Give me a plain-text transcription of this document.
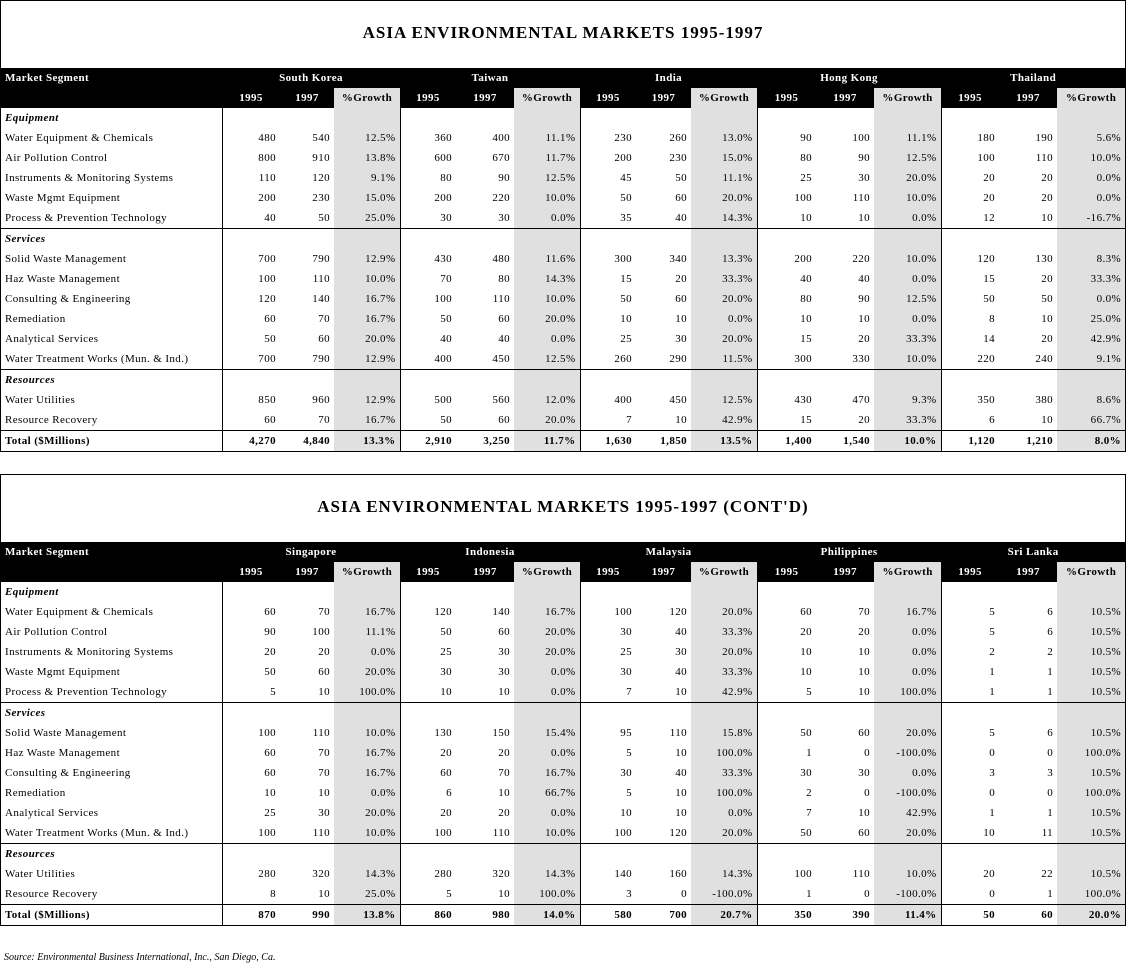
ASIA ENVIRONMENTAL MARKETS 1995-1997
Market Segment	South Korea			Taiwan			India			Hong Kong			Thailand		
	1995	1997	%Growth	1995	1997	%Growth	1995	1997	%Growth	1995	1997	%Growth	1995	1997	%Growth
Equipment															
Water Equipment & Chemicals	480	540	12.5%	360	400	11.1%	230	260	13.0%	90	100	11.1%	180	190	5.6%
Air Pollution Control	800	910	13.8%	600	670	11.7%	200	230	15.0%	80	90	12.5%	100	110	10.0%
Instruments & Monitoring Systems	110	120	9.1%	80	90	12.5%	45	50	11.1%	25	30	20.0%	20	20	0.0%
Waste Mgmt Equipment	200	230	15.0%	200	220	10.0%	50	60	20.0%	100	110	10.0%	20	20	0.0%
Process & Prevention Technology	40	50	25.0%	30	30	0.0%	35	40	14.3%	10	10	0.0%	12	10	-16.7%
Services															
Solid Waste Management	700	790	12.9%	430	480	11.6%	300	340	13.3%	200	220	10.0%	120	130	8.3%
Haz Waste Management	100	110	10.0%	70	80	14.3%	15	20	33.3%	40	40	0.0%	15	20	33.3%
Consulting & Engineering	120	140	16.7%	100	110	10.0%	50	60	20.0%	80	90	12.5%	50	50	0.0%
Remediation	60	70	16.7%	50	60	20.0%	10	10	0.0%	10	10	0.0%	8	10	25.0%
Analytical Services	50	60	20.0%	40	40	0.0%	25	30	20.0%	15	20	33.3%	14	20	42.9%
Water Treatment Works (Mun. & Ind.)	700	790	12.9%	400	450	12.5%	260	290	11.5%	300	330	10.0%	220	240	9.1%
Resources															
Water Utilities	850	960	12.9%	500	560	12.0%	400	450	12.5%	430	470	9.3%	350	380	8.6%
Resource Recovery	60	70	16.7%	50	60	20.0%	7	10	42.9%	15	20	33.3%	6	10	66.7%
Total ($Millions)	4,270	4,840	13.3%	2,910	3,250	11.7%	1,630	1,850	13.5%	1,400	1,540	10.0%	1,120	1,210	8.0%
ASIA ENVIRONMENTAL MARKETS 1995-1997 (CONT'D)
Market Segment	Singapore			Indonesia			Malaysia			Philippines			Sri Lanka		
	1995	1997	%Growth	1995	1997	%Growth	1995	1997	%Growth	1995	1997	%Growth	1995	1997	%Growth
Equipment															
Water Equipment & Chemicals	60	70	16.7%	120	140	16.7%	100	120	20.0%	60	70	16.7%	5	6	10.5%
Air Pollution Control	90	100	11.1%	50	60	20.0%	30	40	33.3%	20	20	0.0%	5	6	10.5%
Instruments & Monitoring Systems	20	20	0.0%	25	30	20.0%	25	30	20.0%	10	10	0.0%	2	2	10.5%
Waste Mgmt Equipment	50	60	20.0%	30	30	0.0%	30	40	33.3%	10	10	0.0%	1	1	10.5%
Process & Prevention Technology	5	10	100.0%	10	10	0.0%	7	10	42.9%	5	10	100.0%	1	1	10.5%
Services															
Solid Waste Management	100	110	10.0%	130	150	15.4%	95	110	15.8%	50	60	20.0%	5	6	10.5%
Haz Waste Management	60	70	16.7%	20	20	0.0%	5	10	100.0%	1	0	-100.0%	0	0	100.0%
Consulting & Engineering	60	70	16.7%	60	70	16.7%	30	40	33.3%	30	30	0.0%	3	3	10.5%
Remediation	10	10	0.0%	6	10	66.7%	5	10	100.0%	2	0	-100.0%	0	0	100.0%
Analytical Services	25	30	20.0%	20	20	0.0%	10	10	0.0%	7	10	42.9%	1	1	10.5%
Water Treatment Works (Mun. & Ind.)	100	110	10.0%	100	110	10.0%	100	120	20.0%	50	60	20.0%	10	11	10.5%
Resources															
Water Utilities	280	320	14.3%	280	320	14.3%	140	160	14.3%	100	110	10.0%	20	22	10.5%
Resource Recovery	8	10	25.0%	5	10	100.0%	3	0	-100.0%	1	0	-100.0%	0	1	100.0%
Total ($Millions)	870	990	13.8%	860	980	14.0%	580	700	20.7%	350	390	11.4%	50	60	20.0%
Source: Environmental Business International, Inc., San Diego, Ca.
